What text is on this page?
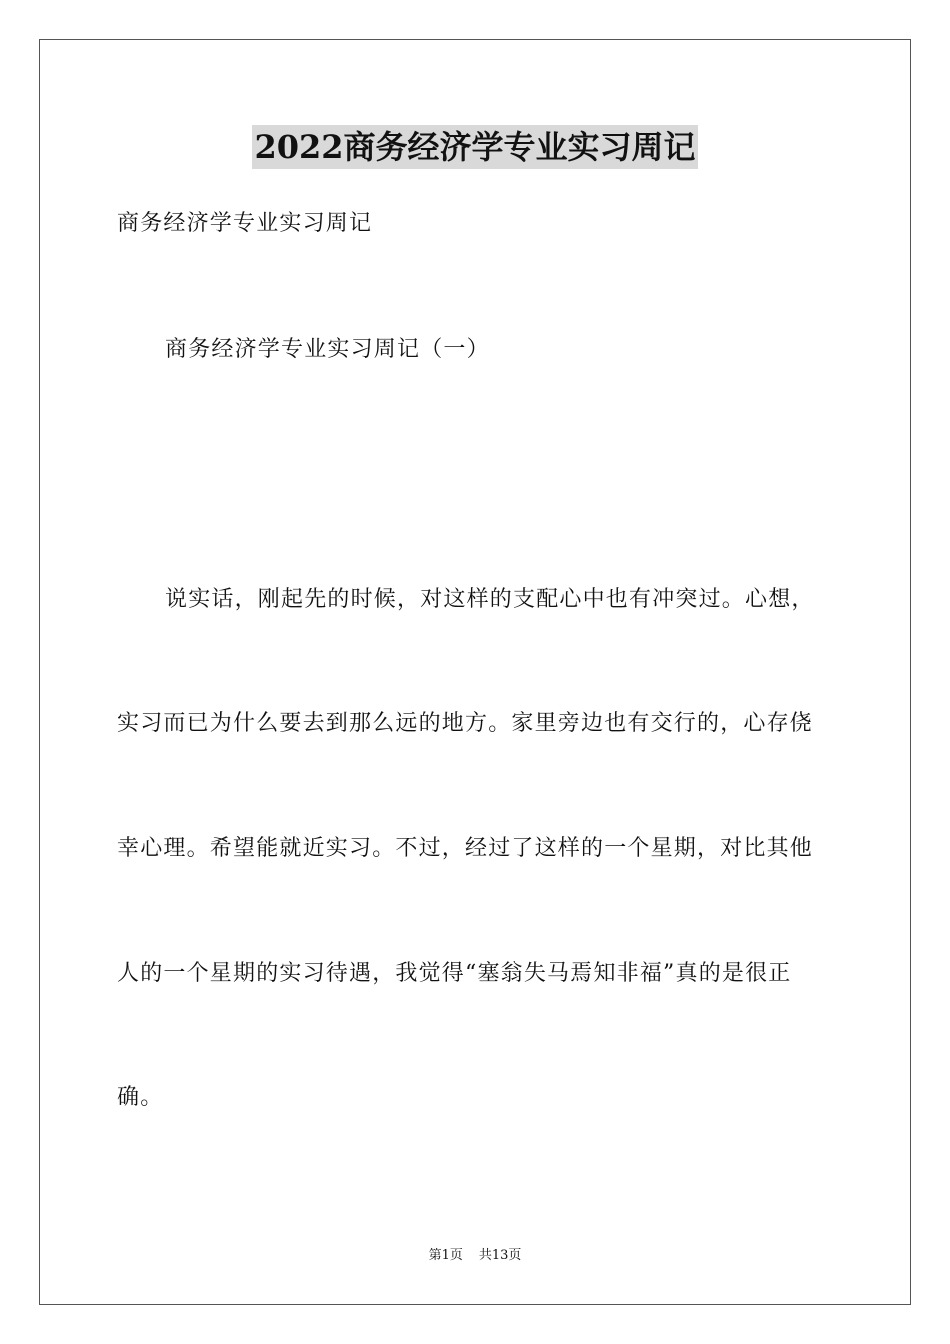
2022商务经济学专业实习周记
商务经济学专业实习周记
商务经济学专业实习周记（一）
说实话，刚起先的时候，对这样的支配心中也有冲突过。心想，
实习而已为什么要去到那么远的地方。家里旁边也有交行的，心存侥
幸心理。希望能就近实习。不过，经过了这样的一个星期，对比其他
人的一个星期的实习待遇，我觉得“塞翁失马焉知非福”真的是很正
确。
第1页 共13页
